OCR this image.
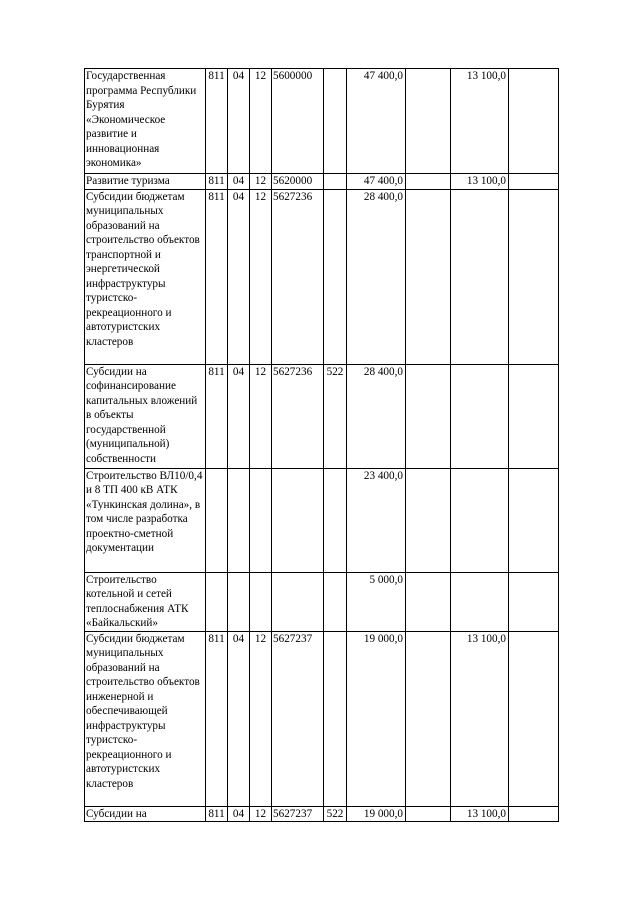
Государственная программа Республики Бурятия «Экономическое развитие и инновационная экономика»	811	04	12	5600000		47 400,0		13 100,0	
Развитие туризма	811	04	12	5620000		47 400,0		13 100,0	
Субсидии бюджетам муниципальных образований на строительство объектов транспортной и энергетической инфраструктуры туристско-рекреационного и автотуристских кластеров	811	04	12	5627236		28 400,0			
Субсидии на софинансирование капитальных вложений в объекты государственной (муниципальной) собственности	811	04	12	5627236	522	28 400,0			
Строительство ВЛ10/0,4 и 8 ТП 400 кВ АТК «Тункинская долина», в том числе разработка проектно-сметной документации						23 400,0			
Строительство котельной и сетей теплоснабжения АТК «Байкальский»						5 000,0			
Субсидии бюджетам муниципальных образований на строительство объектов инженерной и обеспечивающей инфраструктуры туристско-рекреационного и автотуристских кластеров	811	04	12	5627237		19 000,0		13 100,0	
Субсидии на	811	04	12	5627237	522	19 000,0		13 100,0	
